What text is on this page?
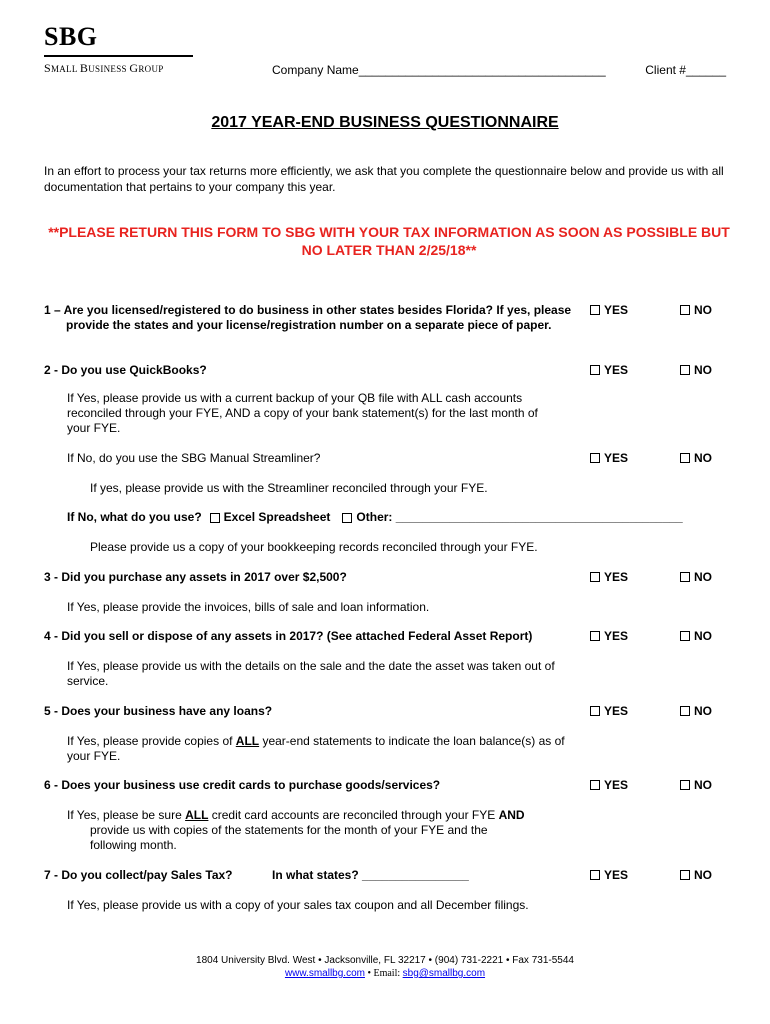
SBG
SMALL BUSINESS GROUP	Company Name_____________________________________	Client #______
2017 YEAR-END BUSINESS QUESTIONNAIRE
In an effort to process your tax returns more efficiently, we ask that you complete the questionnaire below and provide us with all documentation that pertains to your company this year.
**PLEASE RETURN THIS FORM TO SBG WITH YOUR TAX INFORMATION AS SOON AS POSSIBLE BUT NO LATER THAN 2/25/18**
1 – Are you licensed/registered to do business in other states besides Florida? If yes, please provide the states and your license/registration number on a separate piece of paper.
YES	NO
2 - Do you use QuickBooks?	YES	NO
If Yes, please provide us with a current backup of your QB file with ALL cash accounts reconciled through your FYE, AND a copy of your bank statement(s) for the last month of your FYE.
If No, do you use the SBG Manual Streamliner?	YES	NO
If yes, please provide us with the Streamliner reconciled through your FYE.
If No, what do you use? Excel Spreadsheet Other: ___________________________________________
Please provide us a copy of your bookkeeping records reconciled through your FYE.
3 - Did you purchase any assets in 2017 over $2,500?	YES	NO
If Yes, please provide the invoices, bills of sale and loan information.
4 - Did you sell or dispose of any assets in 2017? (See attached Federal Asset Report)	YES	NO
If Yes, please provide us with the details on the sale and the date the asset was taken out of service.
5 - Does your business have any loans?	YES	NO
If Yes, please provide copies of ALL year-end statements to indicate the loan balance(s) as of your FYE.
6 - Does your business use credit cards to purchase goods/services?	YES	NO
If Yes, please be sure ALL credit card accounts are reconciled through your FYE AND
provide us with copies of the statements for the month of your FYE and the following month.
7 - Do you collect/pay Sales Tax?	In what states? ________________	YES	NO
If Yes, please provide us with a copy of your sales tax coupon and all December filings.
1804 University Blvd. West • Jacksonville, FL 32217 • (904) 731-2221 • Fax 731-5544
www.smallbg.com • Email: sbg@smallbg.com
